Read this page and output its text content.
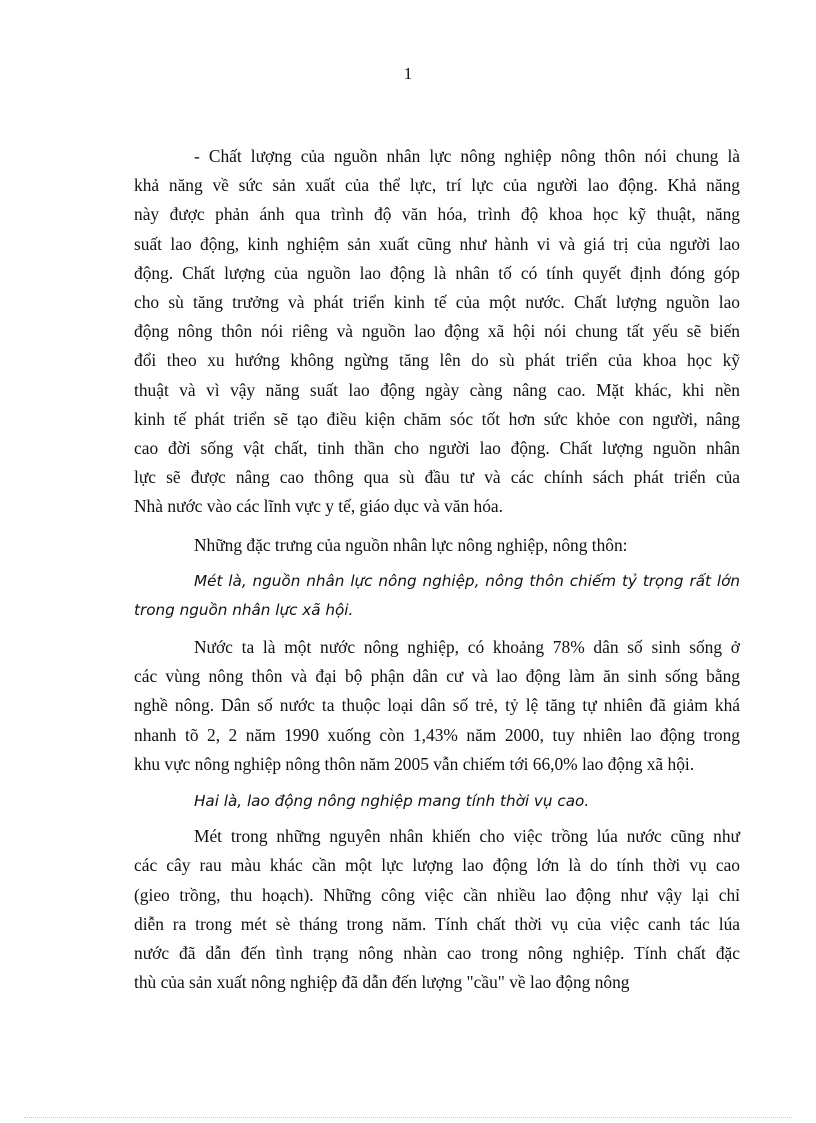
1
- Chất lượng của nguồn nhân lực nông nghiệp nông thôn nói chung là
khả năng về sức sản xuất của thể lực, trí lực của người lao động. Khả năng
này được phản ánh qua trình độ văn hóa, trình độ khoa học kỹ thuật, năng
suất lao động, kinh nghiệm sản xuất cũng như hành vi và giá trị của người lao
động. Chất lượng của nguồn lao động là nhân tố có tính quyết định đóng góp
cho sù tăng trưởng và phát triển kinh tế của một nước. Chất lượng nguồn lao
động nông thôn nói riêng và nguồn lao động xã hội nói chung tất yếu sẽ biến
đổi theo xu hướng không ngừng tăng lên do sù phát triển của khoa học kỹ
thuật và vì vậy năng suất lao động ngày càng nâng cao. Mặt khác, khi nền
kinh tế phát triển sẽ tạo điều kiện chăm sóc tốt hơn sức khỏe con người, nâng
cao đời sống vật chất, tinh thần cho người lao động. Chất lượng nguồn nhân
lực sẽ được nâng cao thông qua sù đầu tư và các chính sách phát triển của
Nhà nước vào các lĩnh vực y tế, giáo dục và văn hóa.
Những đặc trưng của nguồn nhân lực nông nghiệp, nông thôn:
Mét là, nguồn nhân lực nông nghiệp, nông thôn chiếm tỷ trọng rất lớn
trong nguồn nhân lực xã hội.
Nước ta là một nước nông nghiệp, có khoảng 78% dân số sinh sống ở
các vùng nông thôn và đại bộ phận dân cư và lao động làm ăn sinh sống bằng
nghề nông. Dân số nước ta thuộc loại dân số trẻ, tỷ lệ tăng tự nhiên đã giảm khá
nhanh tõ 2, 2 năm 1990 xuống còn 1,43% năm 2000, tuy nhiên lao động trong
khu vực nông nghiệp nông thôn năm 2005 vẫn chiếm tới 66,0% lao động xã hội.
Hai là, lao động nông nghiệp mang tính thời vụ cao.
Mét trong những nguyên nhân khiến cho việc trồng lúa nước cũng như
các cây rau màu khác cần một lực lượng lao động lớn là do tính thời vụ cao
(gieo trồng, thu hoạch). Những công việc cần nhiều lao động như vậy lại chỉ
diễn ra trong mét sè tháng trong năm. Tính chất thời vụ của việc canh tác lúa
nước đã dẫn đến tình trạng nông nhàn cao trong nông nghiệp. Tính chất đặc
thù của sản xuất nông nghiệp đã dẫn đến lượng "cầu" về lao động nông
